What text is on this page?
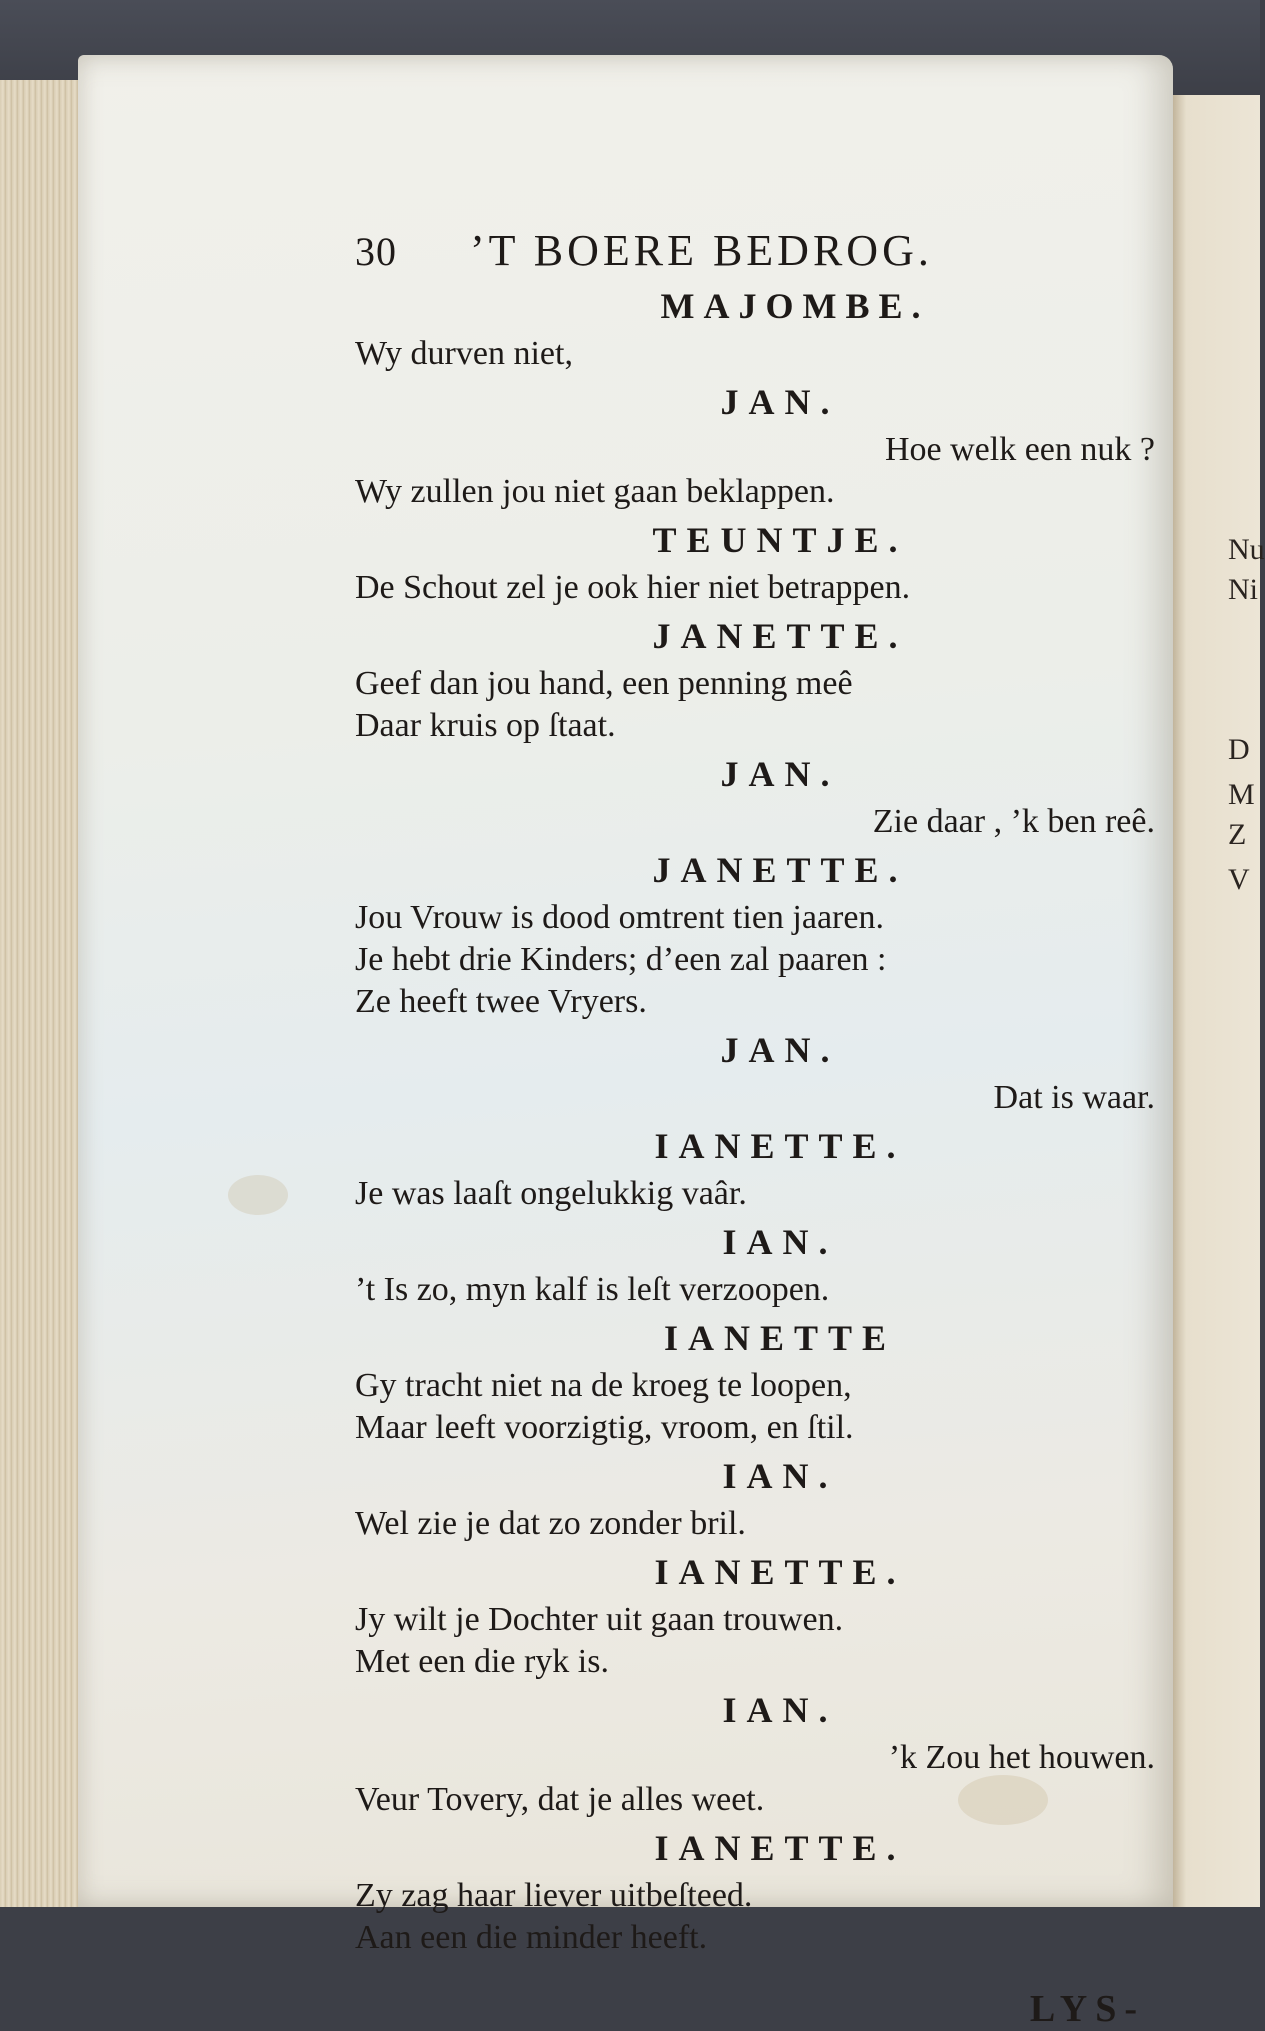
Nu
Ni
D
M
Z
V
30	’T BOERE BEDROG.
MAJOMBE.
Wy durven niet,
JAN.
Hoe welk een nuk ?
Wy zullen jou niet gaan beklappen.
TEUNTJE.
De Schout zel je ook hier niet betrappen.
JANETTE.
Geef dan jou hand, een penning meê
Daar kruis op ſtaat.
JAN.
Zie daar , ’k ben reê.
JANETTE.
Jou Vrouw is dood omtrent tien jaaren.
Je hebt drie Kinders; d’een zal paaren :
Ze heeft twee Vryers.
JAN.
Dat is waar.
IANETTE.
Je was laaſt ongelukkig vaâr.
IAN.
’t Is zo, myn kalf is leſt verzoopen.
IANETTE
Gy tracht niet na de kroeg te loopen,
Maar leeft voorzigtig, vroom, en ſtil.
IAN.
Wel zie je dat zo zonder bril.
IANETTE.
Jy wilt je Dochter uit gaan trouwen.
Met een die ryk is.
IAN.
’k Zou het houwen.
Veur Tovery, dat je alles weet.
IANETTE.
Zy zag haar liever uitbeſteed.
Aan een die minder heeft.
LYS-
